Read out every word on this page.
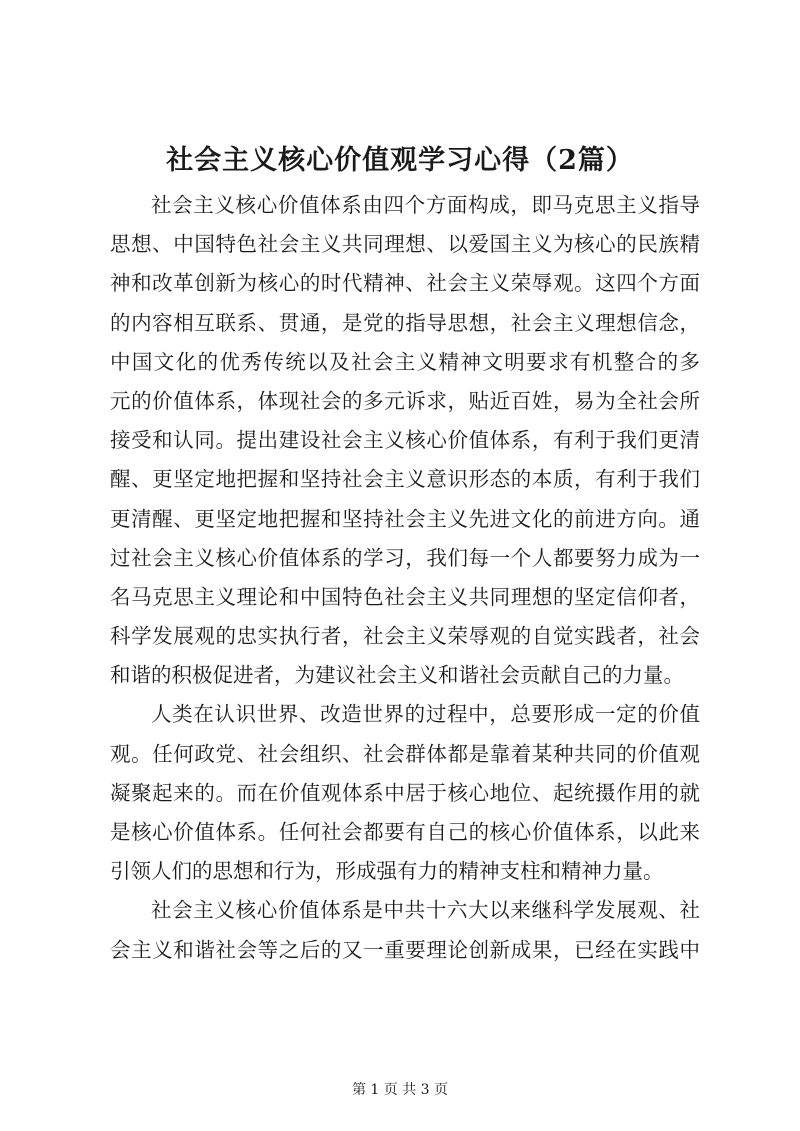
社会主义核心价值观学习心得（2篇）
社会主义核心价值体系由四个方面构成，即马克思主义指导
思想、中国特色社会主义共同理想、以爱国主义为核心的民族精
神和改革创新为核心的时代精神、社会主义荣辱观。这四个方面
的内容相互联系、贯通，是党的指导思想，社会主义理想信念，
中国文化的优秀传统以及社会主义精神文明要求有机整合的多
元的价值体系，体现社会的多元诉求，贴近百姓，易为全社会所
接受和认同。提出建设社会主义核心价值体系，有利于我们更清
醒、更坚定地把握和坚持社会主义意识形态的本质，有利于我们
更清醒、更坚定地把握和坚持社会主义先进文化的前进方向。通
过社会主义核心价值体系的学习，我们每一个人都要努力成为一
名马克思主义理论和中国特色社会主义共同理想的坚定信仰者，
科学发展观的忠实执行者，社会主义荣辱观的自觉实践者，社会
和谐的积极促进者，为建议社会主义和谐社会贡献自己的力量。
人类在认识世界、改造世界的过程中，总要形成一定的价值
观。任何政党、社会组织、社会群体都是靠着某种共同的价值观
凝聚起来的。而在价值观体系中居于核心地位、起统摄作用的就
是核心价值体系。任何社会都要有自己的核心价值体系，以此来
引领人们的思想和行为，形成强有力的精神支柱和精神力量。
社会主义核心价值体系是中共十六大以来继科学发展观、社
会主义和谐社会等之后的又一重要理论创新成果，已经在实践中
第 1 页 共 3 页
